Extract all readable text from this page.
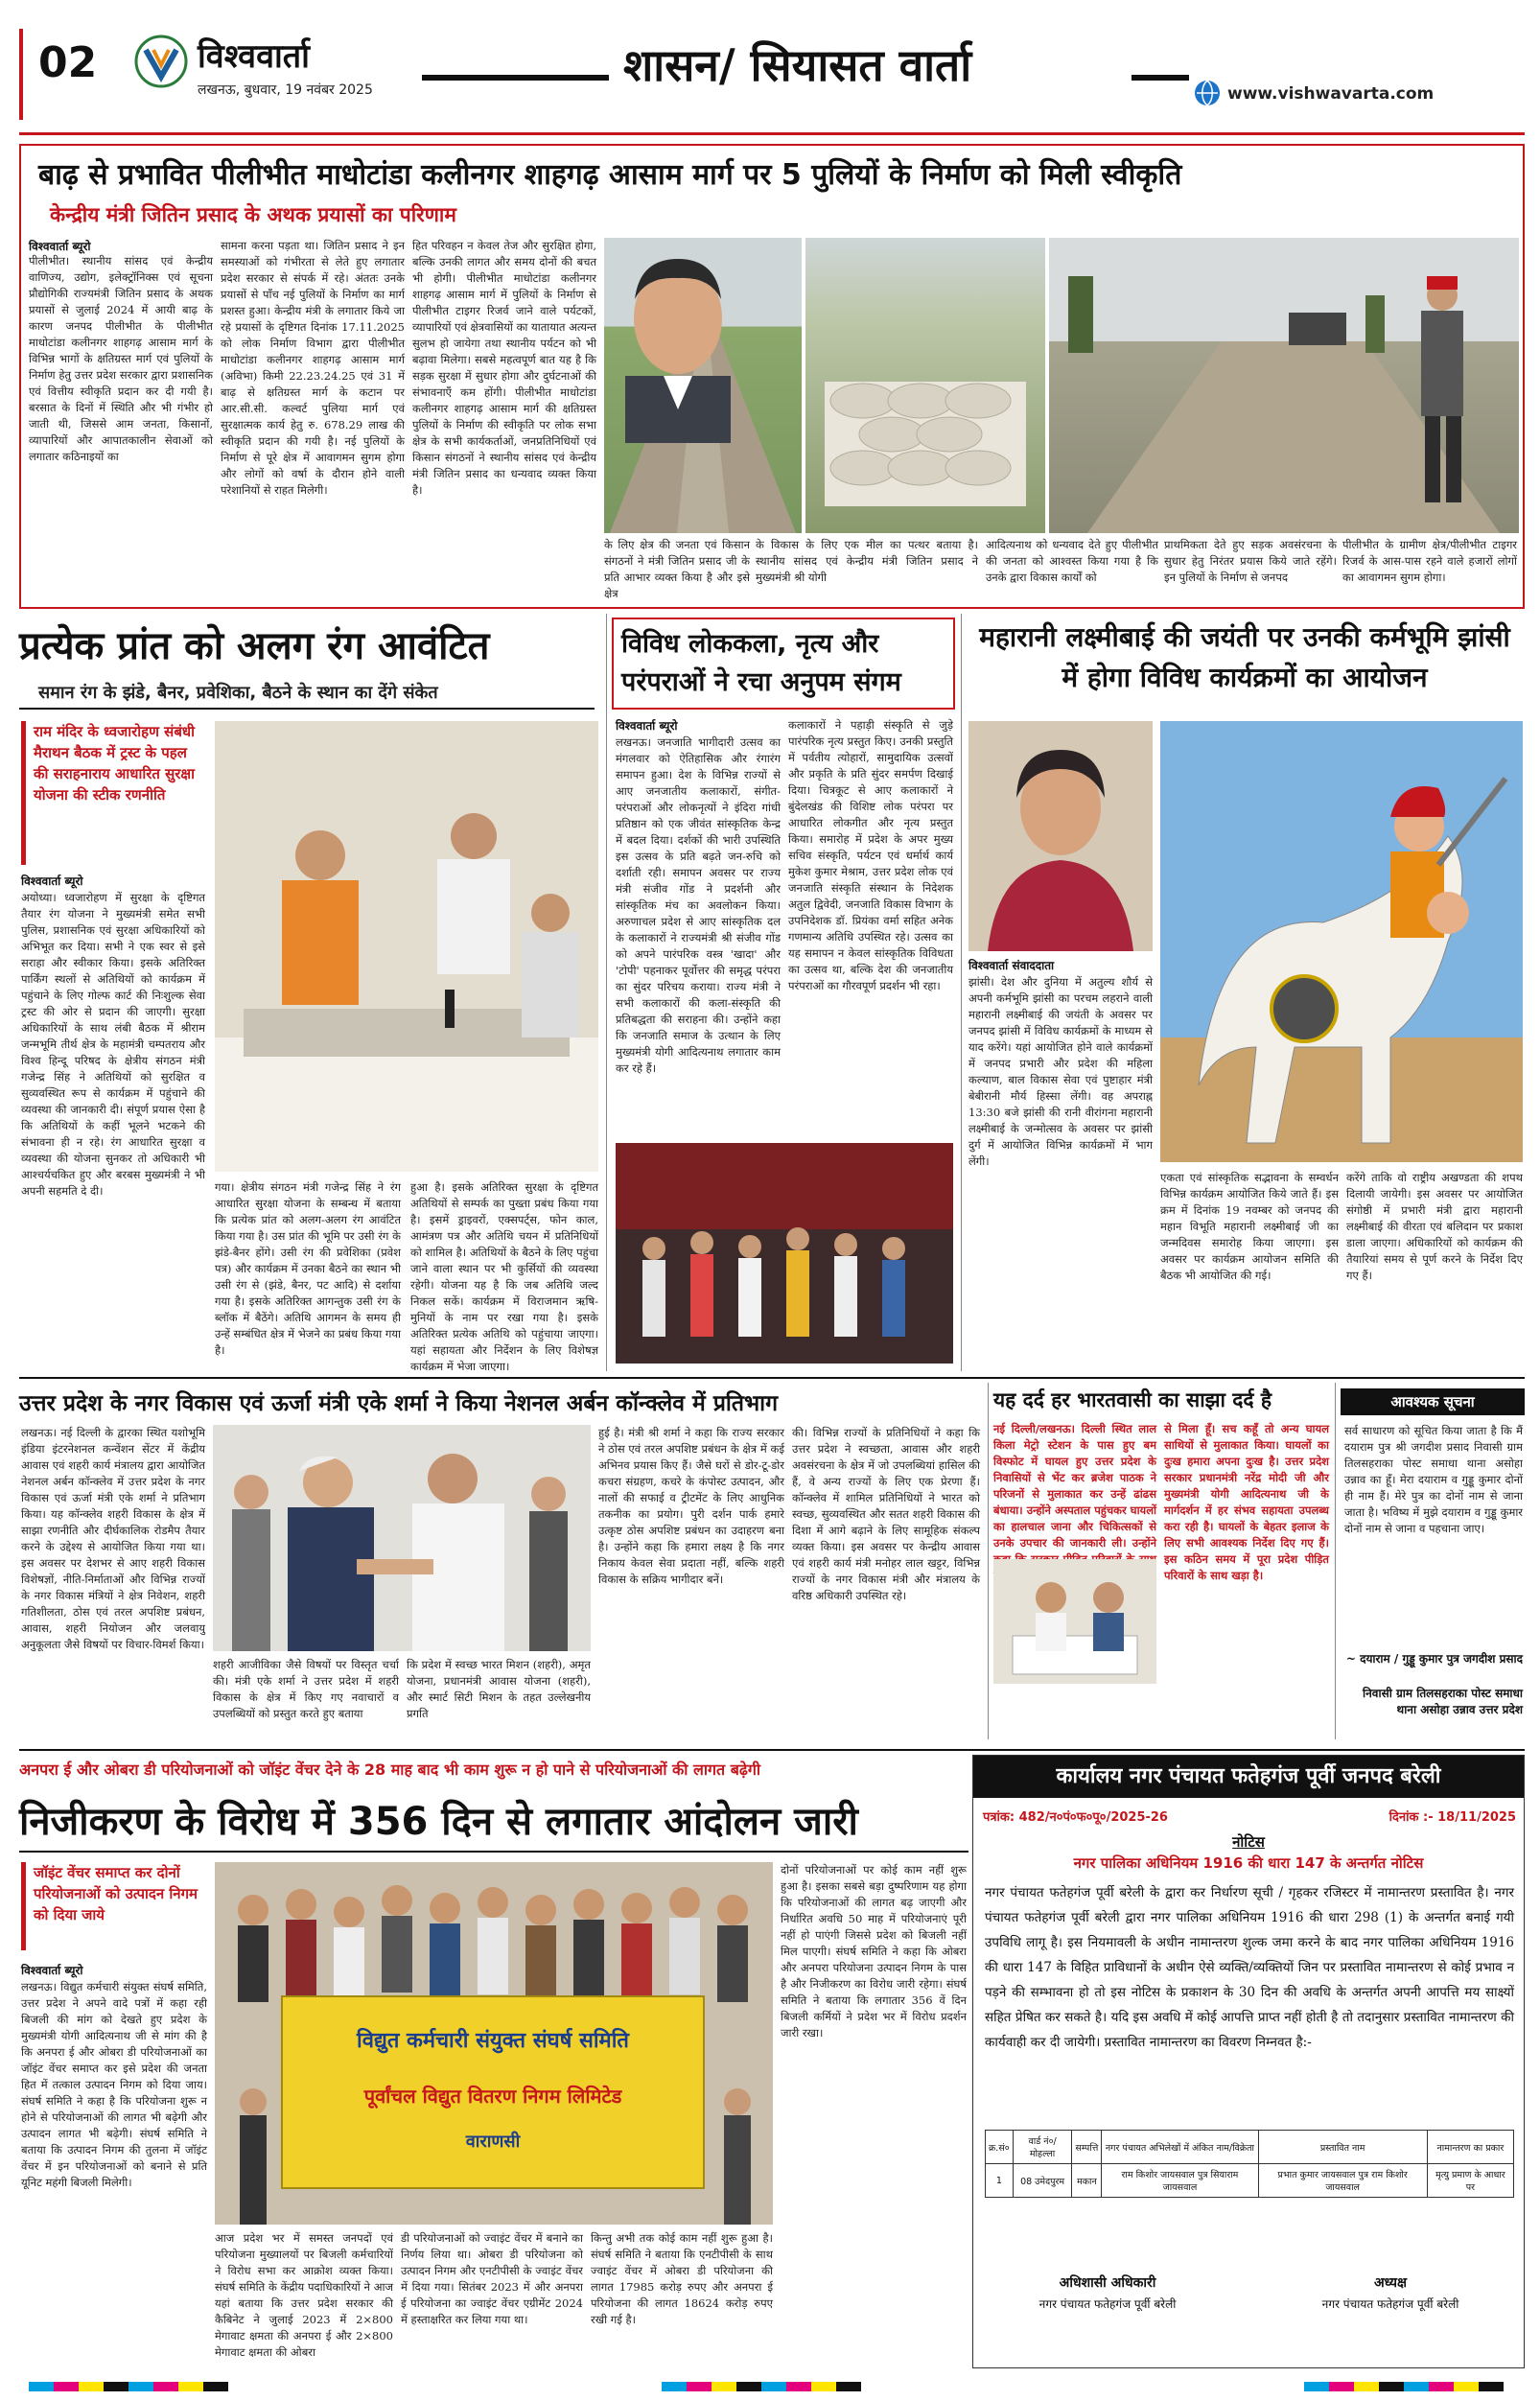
02	विश्ववार्ता
लखनऊ, बुधवार, 19 नवंबर 2025	शासन/ सियासत वार्ता
www.vishwavarta.com
बाढ़ से प्रभावित पीलीभीत माधोटांडा कलीनगर शाहगढ़ आसाम मार्ग पर 5 पुलियों के निर्माण को मिली स्वीकृति
केन्द्रीय मंत्री जितिन प्रसाद के अथक प्रयासों का परिणाम
विश्ववार्ता ब्यूरो
पीलीभीत। स्थानीय सांसद एवं केन्द्रीय वाणिज्य, उद्योग, इलेक्ट्रॉनिक्स एवं सूचना प्रौद्योगिकी राज्यमंत्री जितिन प्रसाद के अथक प्रयासों से जुलाई 2024 में आयी बाढ़ के कारण जनपद पीलीभीत के पीलीभीत माधोटांडा कलीनगर शाहगढ़ आसाम मार्ग के विभिन्न भागों के क्षतिग्रस्त मार्ग एवं पुलियों के निर्माण हेतु उत्तर प्रदेश सरकार द्वारा प्रशासनिक एवं वित्तीय स्वीकृति प्रदान कर दी गयी है। बरसात के दिनों में स्थिति और भी गंभीर हो जाती थी, जिससे आम जनता, किसानों, व्यापारियों और आपातकालीन सेवाओं को लगातार कठिनाइयों का
सामना करना पड़ता था। जितिन प्रसाद ने इन समस्याओं को गंभीरता से लेते हुए लगातार प्रदेश सरकार से संपर्क में रहे। अंततः उनके प्रयासों से पाँच नई पुलियों के निर्माण का मार्ग प्रशस्त हुआ। केन्द्रीय मंत्री के लगातार किये जा रहे प्रयासों के दृष्टिगत दिनांक 17.11.2025 को लोक निर्माण विभाग द्वारा पीलीभीत माधोटांडा कलीनगर शाहगढ़ आसाम मार्ग (अविभा) किमी 22.23.24.25 एवं 31 में बाढ़ से क्षतिग्रस्त मार्ग के कटान पर आर.सी.सी. कल्वर्ट पुलिया मार्ग एवं सुरक्षात्मक कार्य हेतु रु. 678.29 लाख की स्वीकृति प्रदान की गयी है। नई पुलियों के निर्माण से पूरे क्षेत्र में आवागमन सुगम होगा और लोगों को वर्षा के दौरान होने वाली परेशानियों से राहत मिलेगी।
हित परिवहन न केवल तेज और सुरक्षित होगा, बल्कि उनकी लागत और समय दोनों की बचत भी होगी। पीलीभीत माधोटांडा कलीनगर शाहगढ़ आसाम मार्ग में पुलियों के निर्माण से पीलीभीत टाइगर रिजर्व जाने वाले पर्यटकों, व्यापारियों एवं क्षेत्रवासियों का यातायात अत्यन्त सुलभ हो जायेगा तथा स्थानीय पर्यटन को भी बढ़ावा मिलेगा। सबसे महत्वपूर्ण बात यह है कि सड़क सुरक्षा में सुधार होगा और दुर्घटनाओं की संभावनाएँ कम होंगी। पीलीभीत माधोटांडा कलीनगर शाहगढ़ आसाम मार्ग की क्षतिग्रस्त पुलियों के निर्माण की स्वीकृति पर लोक सभा क्षेत्र के सभी कार्यकर्ताओं, जनप्रतिनिधियों एवं किसान संगठनों ने स्थानीय सांसद एवं केन्द्रीय मंत्री जितिन प्रसाद का धन्यवाद व्यक्त किया है।
के लिए क्षेत्र की जनता एवं किसान संगठनों ने मंत्री जितिन प्रसाद जी के प्रति आभार व्यक्त किया है और इसे क्षेत्र
के विकास के लिए एक मील का पत्थर बताया है। स्थानीय सांसद एवं केन्द्रीय मंत्री जितिन प्रसाद ने मुख्यमंत्री श्री योगी
आदित्यनाथ को धन्यवाद देते हुए पीलीभीत की जनता को आश्वस्त किया गया है कि उनके द्वारा विकास कार्यों को
प्राथमिकता देते हुए सड़क अवसंरचना के सुधार हेतु निरंतर प्रयास किये जाते रहेंगे। इन पुलियों के निर्माण से जनपद
पीलीभीत के ग्रामीण क्षेत्र/पीलीभीत टाइगर रिजर्व के आस-पास रहने वाले हजारों लोगों का आवागमन सुगम होगा।
प्रत्येक प्रांत को अलग रंग आवंटित
समान रंग के झंडे, बैनर, प्रवेशिका, बैठने के स्थान का देंगे संकेत
राम मंदिर के ध्वजारोहण संबंधी मैराथन बैठक में ट्रस्ट के पहल की सराहनाराय आधारित सुरक्षा योजना की स्टीक रणनीति
विश्ववार्ता ब्यूरो
अयोध्या। ध्वजारोहण में सुरक्षा के दृष्टिगत तैयार रंग योजना ने मुख्यमंत्री समेत सभी पुलिस, प्रशासनिक एवं सुरक्षा अधिकारियों को अभिभूत कर दिया। सभी ने एक स्वर से इसे सराहा और स्वीकार किया। इसके अतिरिक्त पार्किंग स्थलों से अतिथियों को कार्यक्रम में पहुंचाने के लिए गोल्फ कार्ट की निःशुल्क सेवा ट्रस्ट की ओर से प्रदान की जाएगी। सुरक्षा अधिकारियों के साथ लंबी बैठक में श्रीराम जन्मभूमि तीर्थ क्षेत्र के महामंत्री चम्पतराय और विश्व हिन्दू परिषद के क्षेत्रीय संगठन मंत्री गजेन्द्र सिंह ने अतिथियों को सुरक्षित व सुव्यवस्थित रूप से कार्यक्रम में पहुंचाने की व्यवस्था की जानकारी दी। संपूर्ण प्रयास ऐसा है कि अतिथियों के कहीं भूलने भटकने की संभावना ही न रहे। रंग आधारित सुरक्षा व व्यवस्था की योजना सुनकर तो अधिकारी भी आश्चर्यचकित हुए और बरबस मुख्यमंत्री ने भी अपनी सहमति दे दी।	गया। क्षेत्रीय संगठन मंत्री गजेन्द्र सिंह ने रंग आधारित सुरक्षा योजना के सम्बन्ध में बताया कि प्रत्येक प्रांत को अलग-अलग रंग आवंटित किया गया है। उस प्रांत की भूमि पर उसी रंग के झंडे-बैनर होंगे। उसी रंग की प्रवेशिका (प्रवेश पत्र) और कार्यक्रम में उनका बैठने का स्थान भी उसी रंग से (झंडे, बैनर, पट आदि) से दर्शाया गया है। इसके अतिरिक्त आगन्तुक उसी रंग के ब्लॉक में बैठेंगे। अतिथि आगमन के समय ही उन्हें सम्बंधित क्षेत्र में भेजने का प्रबंध किया गया है।
हुआ है। इसके अतिरिक्त सुरक्षा के दृष्टिगत अतिथियों से सम्पर्क का पुख्ता प्रबंध किया गया है। इसमें ड्राइवरों, एक्सपर्ट्स, फोन काल, आमंत्रण पत्र और अतिथि चयन में प्रतिनिधियों को शामिल है। अतिथियों के बैठने के लिए पहुंचा जाने वाला स्थान पर भी कुर्सियों की व्यवस्था रहेगी। योजना यह है कि जब अतिथि जल्द निकल सकें। कार्यक्रम में विराजमान ऋषि-मुनियों के नाम पर रखा गया है। इसके अतिरिक्त प्रत्येक अतिथि को पहुंचाया जाएगा। यहां सहायता और निर्देशन के लिए विशेषज्ञ कार्यक्रम में भेजा जाएगा।
विविध लोककला, नृत्य और परंपराओं ने रचा अनुपम संगम
विश्ववार्ता ब्यूरो
लखनऊ। जनजाति भागीदारी उत्सव का मंगलवार को ऐतिहासिक और रंगारंग समापन हुआ। देश के विभिन्न राज्यों से आए जनजातीय कलाकारों, संगीत-परंपराओं और लोकनृत्यों ने इंदिरा गांधी प्रतिष्ठान को एक जीवंत सांस्कृतिक केन्द्र में बदल दिया। दर्शकों की भारी उपस्थिति इस उत्सव के प्रति बढ़ते जन-रुचि को दर्शाती रही। समापन अवसर पर राज्य मंत्री संजीव गोंड ने प्रदर्शनी और सांस्कृतिक मंच का अवलोकन किया। अरुणाचल प्रदेश से आए सांस्कृतिक दल के कलाकारों ने राज्यमंत्री श्री संजीव गोंड को अपने पारंपरिक वस्त्र 'खादा' और 'टोपी' पहनाकर पूर्वोत्तर की समृद्ध परंपरा का सुंदर परिचय कराया। राज्य मंत्री ने सभी कलाकारों की कला-संस्कृति की प्रतिबद्धता की सराहना की। उन्होंने कहा कि जनजाति समाज के उत्थान के लिए मुख्यमंत्री योगी आदित्यनाथ लगातार काम कर रहे हैं।
कलाकारों ने पहाड़ी संस्कृति से जुड़े पारंपरिक नृत्य प्रस्तुत किए। उनकी प्रस्तुति में पर्वतीय त्योहारों, सामुदायिक उत्सवों और प्रकृति के प्रति सुंदर समर्पण दिखाई दिया। चित्रकूट से आए कलाकारों ने बुंदेलखंड की विशिष्ट लोक परंपरा पर आधारित लोकगीत और नृत्य प्रस्तुत किया। समारोह में प्रदेश के अपर मुख्य सचिव संस्कृति, पर्यटन एवं धर्मार्थ कार्य मुकेश कुमार मेश्राम, उत्तर प्रदेश लोक एवं जनजाति संस्कृति संस्थान के निदेशक अतुल द्विवेदी, जनजाति विकास विभाग के उपनिदेशक डॉ. प्रियंका वर्मा सहित अनेक गणमान्य अतिथि उपस्थित रहे। उत्सव का यह समापन न केवल सांस्कृतिक विविधता का उत्सव था, बल्कि देश की जनजातीय परंपराओं का गौरवपूर्ण प्रदर्शन भी रहा।
महारानी लक्ष्मीबाई की जयंती पर उनकी कर्मभूमि झांसी में होगा विविध कार्यक्रमों का आयोजन
विश्ववार्ता संवाददाता
झांसी। देश और दुनिया में अतुल्य शौर्य से अपनी कर्मभूमि झांसी का परचम लहराने वाली महारानी लक्ष्मीबाई की जयंती के अवसर पर जनपद झांसी में विविध कार्यक्रमों के माध्यम से याद करेंगे। यहां आयोजित होने वाले कार्यक्रमों में जनपद प्रभारी और प्रदेश की महिला कल्याण, बाल विकास सेवा एवं पुष्टाहार मंत्री बेबीरानी मौर्य हिस्सा लेंगी। वह अपराह्न 13:30 बजे झांसी की रानी वीरांगना महारानी लक्ष्मीबाई के जन्मोत्सव के अवसर पर झांसी दुर्ग में आयोजित विभिन्न कार्यक्रमों में भाग लेंगी।
एकता एवं सांस्कृतिक सद्भावना के सम्वर्धन विभिन्न कार्यक्रम आयोजित किये जाते हैं। इस क्रम में दिनांक 19 नवम्बर को जनपद की महान विभूति महारानी लक्ष्मीबाई जी का जन्मदिवस समारोह किया जाएगा। इस अवसर पर कार्यक्रम आयोजन समिति की बैठक भी आयोजित की गई।
करेंगे ताकि वो राष्ट्रीय अखण्डता की शपथ दिलायी जायेगी। इस अवसर पर आयोजित संगोष्ठी में प्रभारी मंत्री द्वारा महारानी लक्ष्मीबाई की वीरता एवं बलिदान पर प्रकाश डाला जाएगा। अधिकारियों को कार्यक्रम की तैयारियां समय से पूर्ण करने के निर्देश दिए गए हैं।
उत्तर प्रदेश के नगर विकास एवं ऊर्जा मंत्री एके शर्मा ने किया नेशनल अर्बन कॉन्क्लेव में प्रतिभाग
लखनऊ। नई दिल्ली के द्वारका स्थित यशोभूमि इंडिया इंटरनेशनल कन्वेंशन सेंटर में केंद्रीय आवास एवं शहरी कार्य मंत्रालय द्वारा आयोजित नेशनल अर्बन कॉन्क्लेव में उत्तर प्रदेश के नगर विकास एवं ऊर्जा मंत्री एके शर्मा ने प्रतिभाग किया। यह कॉन्क्लेव शहरी विकास के क्षेत्र में साझा रणनीति और दीर्घकालिक रोडमैप तैयार करने के उद्देश्य से आयोजित किया गया था। इस अवसर पर देशभर से आए शहरी विकास विशेषज्ञों, नीति-निर्माताओं और विभिन्न राज्यों के नगर विकास मंत्रियों ने क्षेत्र निवेशन, शहरी गतिशीलता, ठोस एवं तरल अपशिष्ट प्रबंधन, आवास, शहरी नियोजन और जलवायु अनुकूलता जैसे विषयों पर विचार-विमर्श किया।
हुई है। मंत्री श्री शर्मा ने कहा कि राज्य सरकार ने ठोस एवं तरल अपशिष्ट प्रबंधन के क्षेत्र में कई अभिनव प्रयास किए हैं। जैसे घरों से डोर-टू-डोर कचरा संग्रहण, कचरे के कंपोस्ट उत्पादन, और नालों की सफाई व ट्रीटमेंट के लिए आधुनिक तकनीक का प्रयोग। पुरी दर्शन पार्क हमारे उत्कृष्ट ठोस अपशिष्ट प्रबंधन का उदाहरण बना है। उन्होंने कहा कि हमारा लक्ष्य है कि नगर निकाय केवल सेवा प्रदाता नहीं, बल्कि शहरी विकास के सक्रिय भागीदार बनें।
की। विभिन्न राज्यों के प्रतिनिधियों ने कहा कि उत्तर प्रदेश ने स्वच्छता, आवास और शहरी अवसंरचना के क्षेत्र में जो उपलब्धियां हासिल की हैं, वे अन्य राज्यों के लिए एक प्रेरणा हैं। कॉन्क्लेव में शामिल प्रतिनिधियों ने भारत को स्वच्छ, सुव्यवस्थित और सतत शहरी विकास की दिशा में आगे बढ़ाने के लिए सामूहिक संकल्प व्यक्त किया। इस अवसर पर केन्द्रीय आवास एवं शहरी कार्य मंत्री मनोहर लाल खट्टर, विभिन्न राज्यों के नगर विकास मंत्री और मंत्रालय के वरिष्ठ अधिकारी उपस्थित रहे।
शहरी आजीविका जैसे विषयों पर विस्तृत चर्चा की। मंत्री एके शर्मा ने उत्तर प्रदेश में शहरी विकास के क्षेत्र में किए गए नवाचारों व उपलब्धियों को प्रस्तुत करते हुए बताया
कि प्रदेश में स्वच्छ भारत मिशन (शहरी), अमृत योजना, प्रधानमंत्री आवास योजना (शहरी), और स्मार्ट सिटी मिशन के तहत उल्लेखनीय प्रगति
यह दर्द हर भारतवासी का साझा दर्द है
नई दिल्ली/लखनऊ। दिल्ली स्थित लाल किला मेट्रो स्टेशन के पास हुए बम विस्फोट में घायल हुए उत्तर प्रदेश के निवासियों से भेंट कर ब्रजेश पाठक ने परिजनों से मुलाकात कर उन्हें ढांढस बंधाया। उन्होंने अस्पताल पहुंचकर घायलों का हालचाल जाना और चिकित्सकों से उनके उपचार की जानकारी ली। उन्होंने
से मिला हूँ। सच कहूँ तो अन्य घायल साथियों से मुलाकात किया। घायलों का दुःख हमारा अपना दुःख है। उत्तर प्रदेश सरकार प्रधानमंत्री नरेंद्र मोदी जी और मुख्यमंत्री योगी आदित्यनाथ जी के मार्गदर्शन में हर संभव सहायता उपलब्ध करा रही है। घायलों के बेहतर इलाज के लिए सभी आवश्यक निर्देश दिए गए हैं। इस कठिन समय में पूरा प्रदेश पीड़ित परिवारों के साथ खड़ा है।
आवश्यक सूचना
सर्व साधारण को सूचित किया जाता है कि मैं दयाराम पुत्र श्री जगदीश प्रसाद निवासी ग्राम तिलसहराका पोस्ट समाधा थाना असोहा उन्नाव का हूँ। मेरा दयाराम व गुड्डू कुमार दोनों ही नाम हैं। मेरे पुत्र का दोनों नाम से जाना जाता है। भविष्य में मुझे दयाराम व गुड्डू कुमार दोनों नाम से जाना व पहचाना जाए।
~ दयाराम / गुड्डू कुमार पुत्र जगदीश प्रसाद
निवासी ग्राम तिलसहराका पोस्ट समाधा थाना असोहा उन्नाव उत्तर प्रदेश
अनपरा ई और ओबरा डी परियोजनाओं को जॉइंट वेंचर देने के 28 माह बाद भी काम शुरू न हो पाने से परियोजनाओं की लागत बढ़ेगी
निजीकरण के विरोध में 356 दिन से लगातार आंदोलन जारी
जॉइंट वेंचर समाप्त कर दोनों परियोजनाओं को उत्पादन निगम को दिया जाये
विश्ववार्ता ब्यूरो
लखनऊ। विद्युत कर्मचारी संयुक्त संघर्ष समिति, उत्तर प्रदेश ने अपने वादे पत्रों में कहा रही बिजली की मांग को देखते हुए प्रदेश के मुख्यमंत्री योगी आदित्यनाथ जी से मांग की है कि अनपरा ई और ओबरा डी परियोजनाओं का जॉइंट वेंचर समाप्त कर इसे प्रदेश की जनता हित में तत्काल उत्पादन निगम को दिया जाय। संघर्ष समिति ने कहा है कि परियोजना शुरू न होने से परियोजनाओं की लागत भी बढ़ेगी और उत्पादन लागत भी बढ़ेगी। संघर्ष समिति ने बताया कि उत्पादन निगम की तुलना में जॉइंट वेंचर में इन परियोजनाओं को बनाने से प्रति यूनिट महंगी बिजली मिलेगी।
विद्युत कर्मचारी संयुक्त संघर्ष समिति
पूर्वांचल विद्युत वितरण निगम लिमिटेड
वाराणसी
आज प्रदेश भर में समस्त जनपदों एवं परियोजना मुख्यालयों पर बिजली कर्मचारियों ने विरोध सभा कर आक्रोश व्यक्त किया। संघर्ष समिति के केंद्रीय पदाधिकारियों ने आज यहां बताया कि उत्तर प्रदेश सरकार की कैबिनेट ने जुलाई 2023 में 2×800 मेगावाट क्षमता की अनपरा ई और 2×800 मेगावाट क्षमता की ओबरा
डी परियोजनाओं को ज्वाइंट वेंचर में बनाने का निर्णय लिया था। ओबरा डी परियोजना को उत्पादन निगम और एनटीपीसी के ज्वाइंट वेंचर में दिया गया। सितंबर 2023 में और अनपरा ई परियोजना का ज्वाइंट वेंचर एग्रीमेंट 2024 में हस्ताक्षरित कर लिया गया था।
किन्तु अभी तक कोई काम नहीं शुरू हुआ है। संघर्ष समिति ने बताया कि एनटीपीसी के साथ ज्वाइंट वेंचर में ओबरा डी परियोजना की लागत 17985 करोड़ रुपए और अनपरा ई परियोजना की लागत 18624 करोड़ रुपए रखी गई है।
दोनों परियोजनाओं पर कोई काम नहीं शुरू हुआ है। इसका सबसे बड़ा दुष्परिणाम यह होगा कि परियोजनाओं की लागत बढ़ जाएगी और निर्धारित अवधि 50 माह में परियोजनाएं पूरी नहीं हो पाएंगी जिससे प्रदेश को बिजली नहीं मिल पाएगी। संघर्ष समिति ने कहा कि ओबरा और अनपरा परियोजना उत्पादन निगम के पास है और निजीकरण का विरोध जारी रहेगा। संघर्ष समिति ने बताया कि लगातार 356 वें दिन बिजली कर्मियों ने प्रदेश भर में विरोध प्रदर्शन जारी रखा।
कार्यालय नगर पंचायत फतेहगंज पूर्वी जनपद बरेली
पत्रांक: 482/न०पं०फ०पू०/2025-26	दिनांक :- 18/11/2025
नोटिस
नगर पालिका अधिनियम 1916 की धारा 147 के अन्तर्गत नोटिस
नगर पंचायत फतेहगंज पूर्वी बरेली के द्वारा कर निर्धारण सूची / गृहकर रजिस्टर में नामान्तरण प्रस्तावित है। नगर पंचायत फतेहगंज पूर्वी बरेली द्वारा नगर पालिका अधिनियम 1916 की धारा 298 (1) के अन्तर्गत बनाई गयी उपविधि लागू है। इस नियमावली के अधीन नामान्तरण शुल्क जमा करने के बाद नगर पालिका अधिनियम 1916 की धारा 147 के विहित प्राविधानों के अधीन ऐसे व्यक्ति/व्यक्तियों जिन पर प्रस्तावित नामान्तरण से कोई प्रभाव न पड़ने की सम्भावना हो तो इस नोटिस के प्रकाशन के 30 दिन की अवधि के अन्तर्गत अपनी आपत्ति मय साक्ष्यों सहित प्रेषित कर सकते है। यदि इस अवधि में कोई आपत्ति प्राप्त नहीं होती है तो तदानुसार प्रस्तावित नामान्तरण की कार्यवाही कर दी जायेगी। प्रस्तावित नामान्तरण का विवरण निम्नवत है:-
क्र.सं०	वार्ड नं०/मोहल्ला	सम्पत्ति	नगर पंचायत अभिलेखों में अंकित नाम/विक्रेता	प्रस्तावित नाम	नामान्तरण का प्रकार
1	08 उमेदपुरम	मकान	राम किशोर जायसवाल पुत्र सियाराम जायसवाल	प्रभात कुमार जायसवाल पुत्र राम किशोर जायसवाल	मृत्यु प्रमाण के आधार पर
अधिशासी अधिकारी
नगर पंचायत फतेहगंज पूर्वी बरेली
अध्यक्ष
नगर पंचायत फतेहगंज पूर्वी बरेली
